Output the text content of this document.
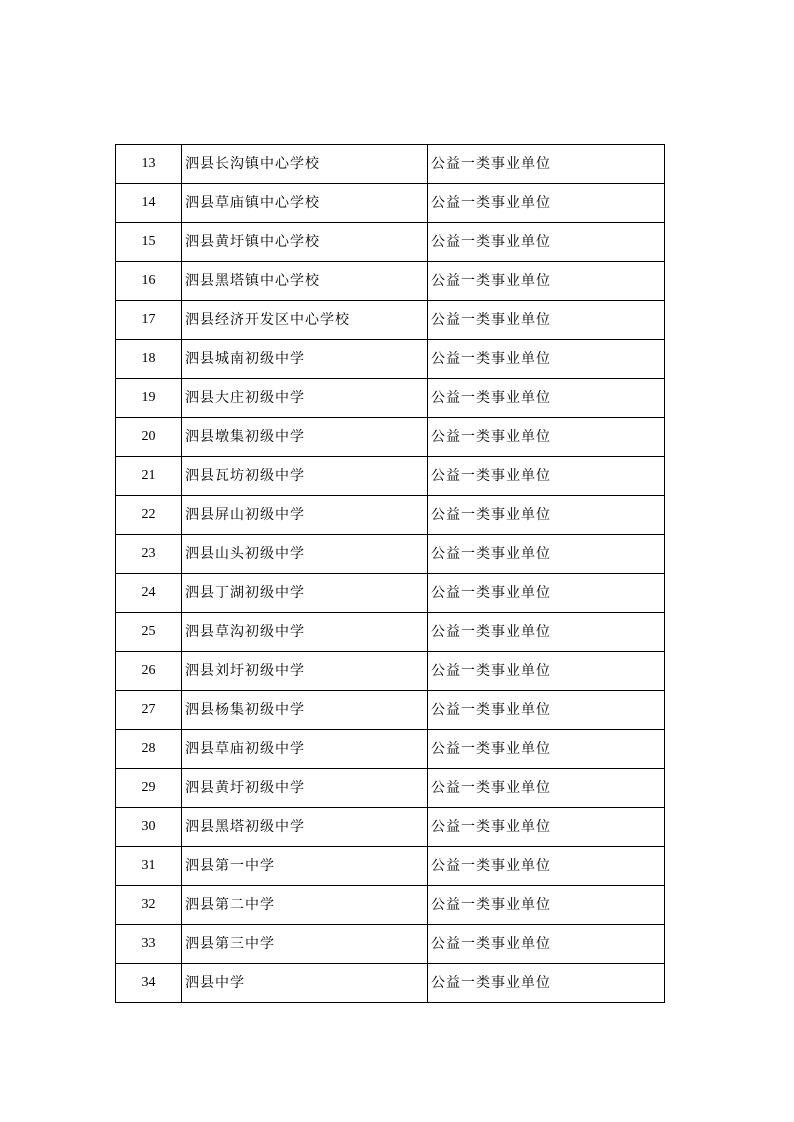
13	泗县长沟镇中心学校	公益一类事业单位
14	泗县草庙镇中心学校	公益一类事业单位
15	泗县黄圩镇中心学校	公益一类事业单位
16	泗县黑塔镇中心学校	公益一类事业单位
17	泗县经济开发区中心学校	公益一类事业单位
18	泗县城南初级中学	公益一类事业单位
19	泗县大庄初级中学	公益一类事业单位
20	泗县墩集初级中学	公益一类事业单位
21	泗县瓦坊初级中学	公益一类事业单位
22	泗县屏山初级中学	公益一类事业单位
23	泗县山头初级中学	公益一类事业单位
24	泗县丁湖初级中学	公益一类事业单位
25	泗县草沟初级中学	公益一类事业单位
26	泗县刘圩初级中学	公益一类事业单位
27	泗县杨集初级中学	公益一类事业单位
28	泗县草庙初级中学	公益一类事业单位
29	泗县黄圩初级中学	公益一类事业单位
30	泗县黑塔初级中学	公益一类事业单位
31	泗县第一中学	公益一类事业单位
32	泗县第二中学	公益一类事业单位
33	泗县第三中学	公益一类事业单位
34	泗县中学	公益一类事业单位
